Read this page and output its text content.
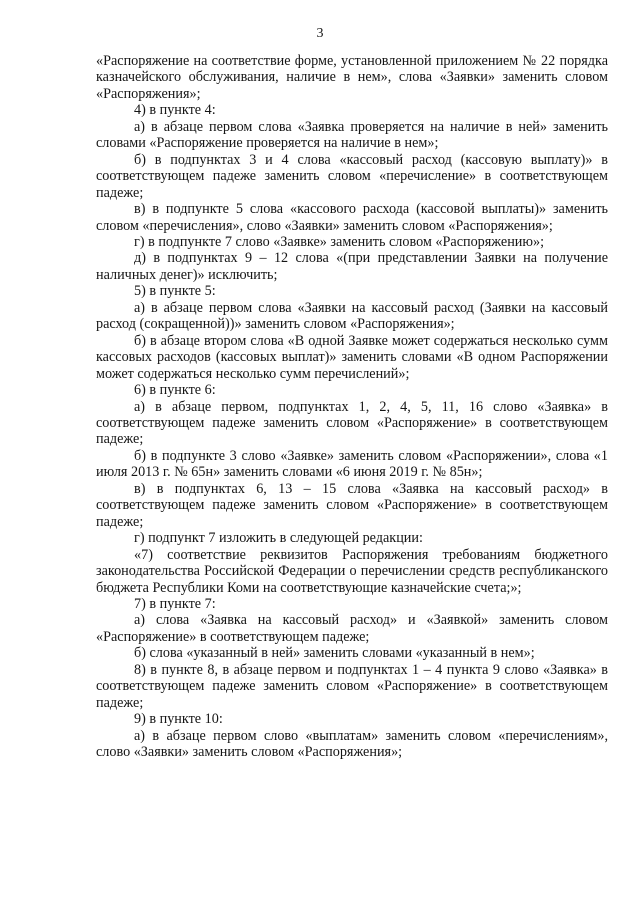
3

«Распоряжение на соответствие форме, установленной приложением № 22 порядка казначейского обслуживания, наличие в нем», слова «Заявки» заменить словом «Распоряжения»;

4) в пункте 4:

а) в абзаце первом слова «Заявка проверяется на наличие в ней» заменить словами «Распоряжение проверяется на наличие в нем»;

б) в подпунктах 3 и 4 слова «кассовый расход (кассовую выплату)» в соответствующем падеже заменить словом «перечисление» в соответствующем падеже;

в) в подпункте 5 слова «кассового расхода (кассовой выплаты)» заменить словом «перечисления», слово «Заявки» заменить словом «Распоряжения»;

г) в подпункте 7 слово «Заявке» заменить словом «Распоряжению»;

д) в подпунктах 9 – 12 слова «(при представлении Заявки на получение наличных денег)» исключить;

5) в пункте 5:

а) в абзаце первом слова «Заявки на кассовый расход (Заявки на кассовый расход (сокращенной))» заменить словом «Распоряжения»;

б) в абзаце втором слова «В одной Заявке может содержаться несколько сумм кассовых расходов (кассовых выплат)» заменить словами «В одном Распоряжении может содержаться несколько сумм перечислений»;

6) в пункте 6:

а) в абзаце первом, подпунктах 1, 2, 4, 5, 11, 16 слово «Заявка» в соответствующем падеже заменить словом «Распоряжение» в соответствующем падеже;

б) в подпункте 3 слово «Заявке» заменить словом «Распоряжении», слова «1 июля 2013 г. № 65н» заменить словами «6 июня 2019 г. № 85н»;

в) в подпунктах 6, 13 – 15 слова «Заявка на кассовый расход» в соответствующем падеже заменить словом «Распоряжение» в соответствующем падеже;

г) подпункт 7 изложить в следующей редакции:

«7) соответствие реквизитов Распоряжения требованиям бюджетного законодательства Российской Федерации о перечислении средств республиканского бюджета Республики Коми на соответствующие казначейские счета;»;

7) в пункте 7:

а) слова «Заявка на кассовый расход» и «Заявкой» заменить словом «Распоряжение» в соответствующем падеже;

б) слова «указанный в ней» заменить словами «указанный в нем»;

8) в пункте 8, в абзаце первом и подпунктах 1 – 4 пункта 9 слово «Заявка» в соответствующем падеже заменить словом «Распоряжение» в соответствующем падеже;

9) в пункте 10:

а) в абзаце первом слово «выплатам» заменить словом «перечислениям», слово «Заявки» заменить словом «Распоряжения»;
